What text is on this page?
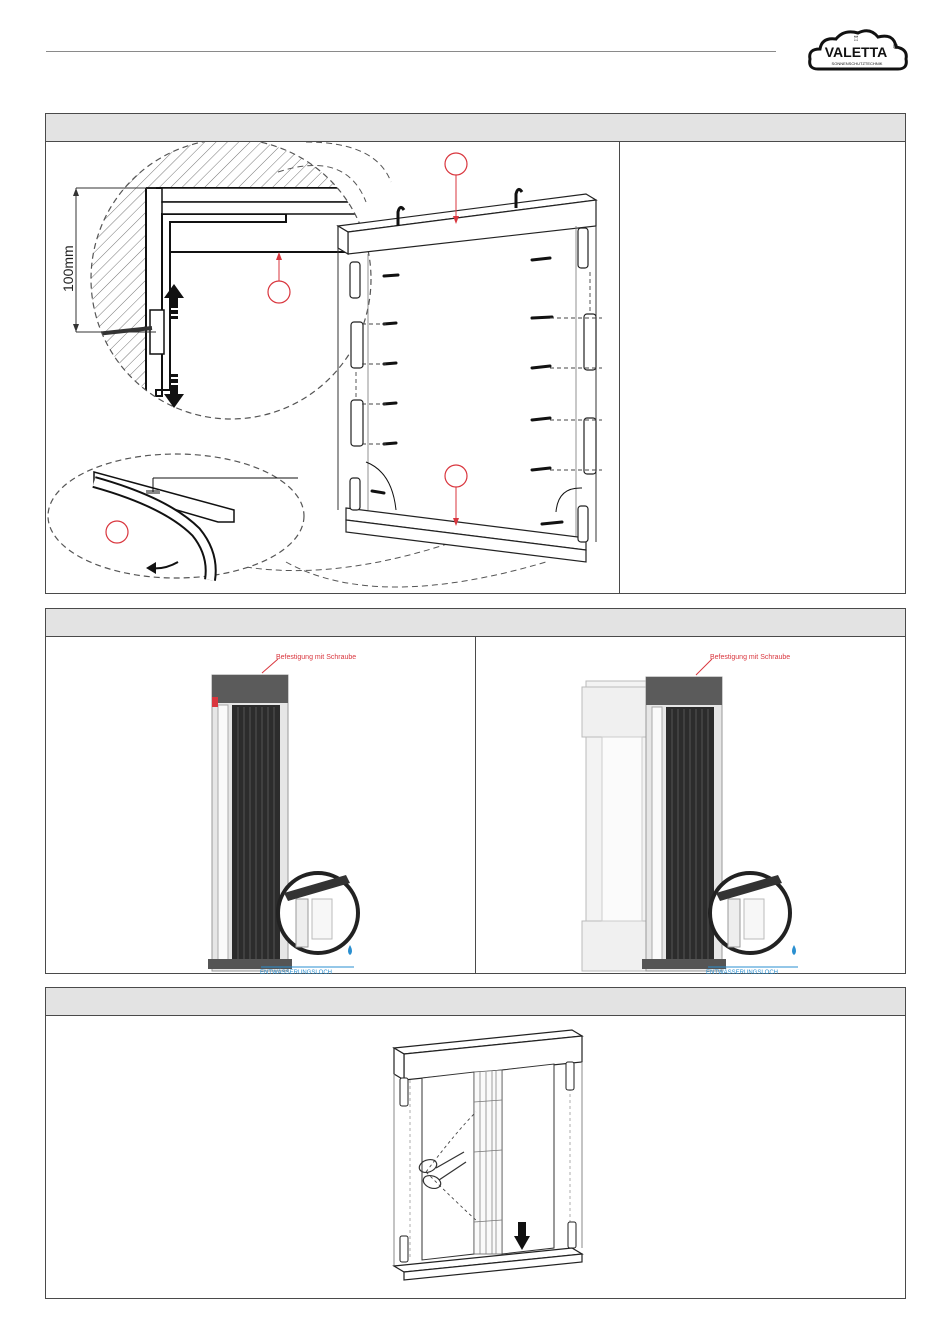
VALETTA ®
SONNENSCHUTZTECHNIK
♖
100mm
Befestigung mit Schraube
ENTWÄSSERUNGSLOCH
Befestigung mit Schraube
ENTWÄSSERUNGSLOCH
